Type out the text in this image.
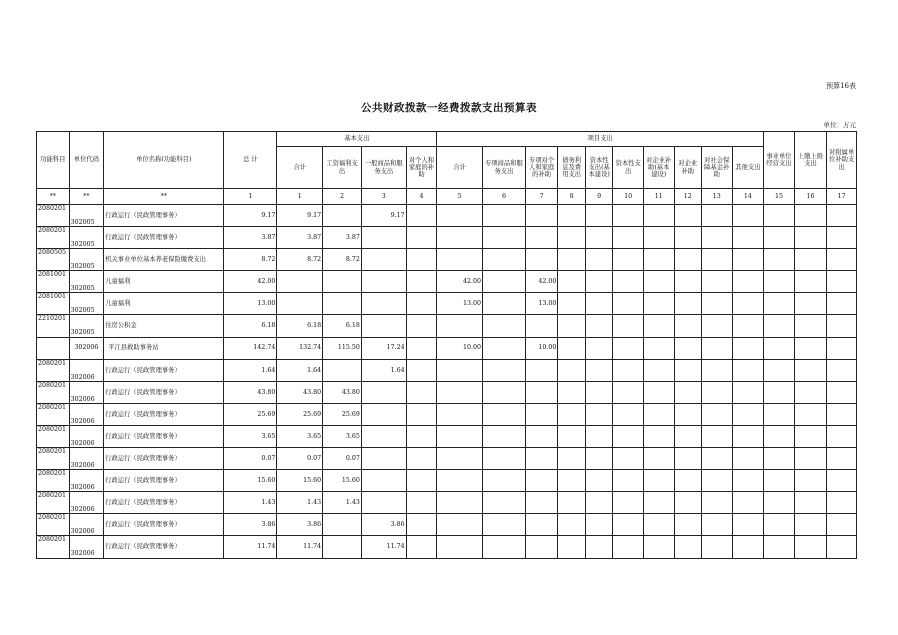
预算16表
公共财政拨款一经费拨款支出预算表
单位：万元
功能科目	单位代码	单位名称(功能科目)	总 计	基本支出				项目支出										事业单位经营支出	上缴上级支出	对附属单位补助支出
				合计	工资福利支出	一般商品和服务支出	对个人和家庭的补助	合计	专项商品和服务支出	专项对个人和家庭的补助	债务利息及费用支出	资本性支出(基本建设)	资本性支出	对企业补助(基本建设)	对企业补助	对社会保障基金补助	其他支出			
**	**	**	1	1	2	3	4	5	6	7	8	9	10	11	12	13	14	15	16	17
2080201	302005	行政运行（民政管理事务）	9.17	9.17		9.17														
2080201	302005	行政运行（民政管理事务）	3.87	3.87	3.87															
2080505	302005	机关事业单位基本养老保险缴费支出	8.72	8.72	8.72															
2081001	302005	儿童福利	42.00					42.00		42.00										
2081001	302005	儿童福利	13.00					13.00		13.00										
2210201	302005	住房公积金	6.18	6.18	6.18															
	302006	平江县救助事务站	142.74	132.74	115.50	17.24		10.00		10.00										
2080201	302006	行政运行（民政管理事务）	1.64	1.64		1.64														
2080201	302006	行政运行（民政管理事务）	43.80	43.80	43.80															
2080201	302006	行政运行（民政管理事务）	25.69	25.69	25.69															
2080201	302006	行政运行（民政管理事务）	3.65	3.65	3.65															
2080201	302006	行政运行（民政管理事务）	0.07	0.07	0.07															
2080201	302006	行政运行（民政管理事务）	15.60	15.60	15.60															
2080201	302006	行政运行（民政管理事务）	1.43	1.43	1.43															
2080201	302006	行政运行（民政管理事务）	3.86	3.86		3.86														
2080201	302006	行政运行（民政管理事务）	11.74	11.74		11.74														
